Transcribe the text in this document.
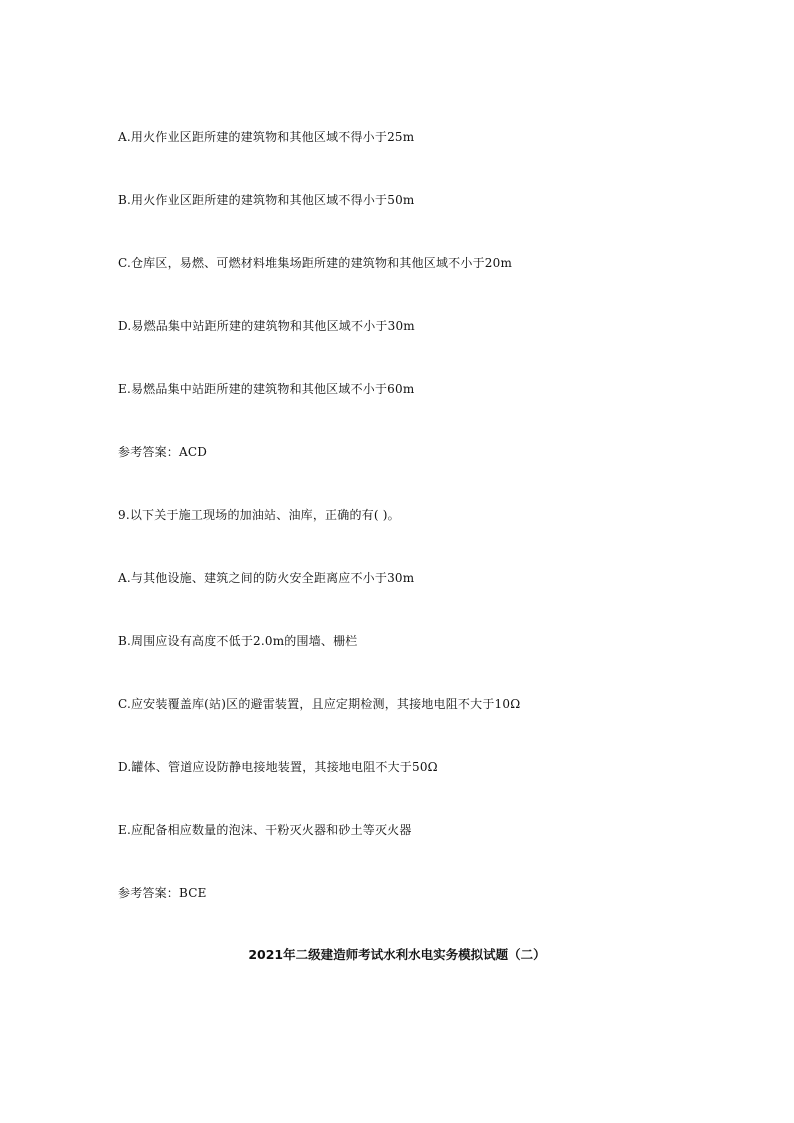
A.用火作业区距所建的建筑物和其他区域不得小于25m
B.用火作业区距所建的建筑物和其他区域不得小于50m
C.仓库区，易燃、可燃材料堆集场距所建的建筑物和其他区域不小于20m
D.易燃品集中站距所建的建筑物和其他区域不小于30m
E.易燃品集中站距所建的建筑物和其他区域不小于60m
参考答案：ACD
9.以下关于施工现场的加油站、油库，正确的有( )。
A.与其他设施、建筑之间的防火安全距离应不小于30m
B.周围应设有高度不低于2.0m的围墙、栅栏
C.应安装覆盖库(站)区的避雷装置，且应定期检测，其接地电阻不大于10Ω
D.罐体、管道应设防静电接地装置，其接地电阻不大于50Ω
E.应配备相应数量的泡沫、干粉灭火器和砂土等灭火器
参考答案：BCE
2021年二级建造师考试水利水电实务模拟试题（二）
